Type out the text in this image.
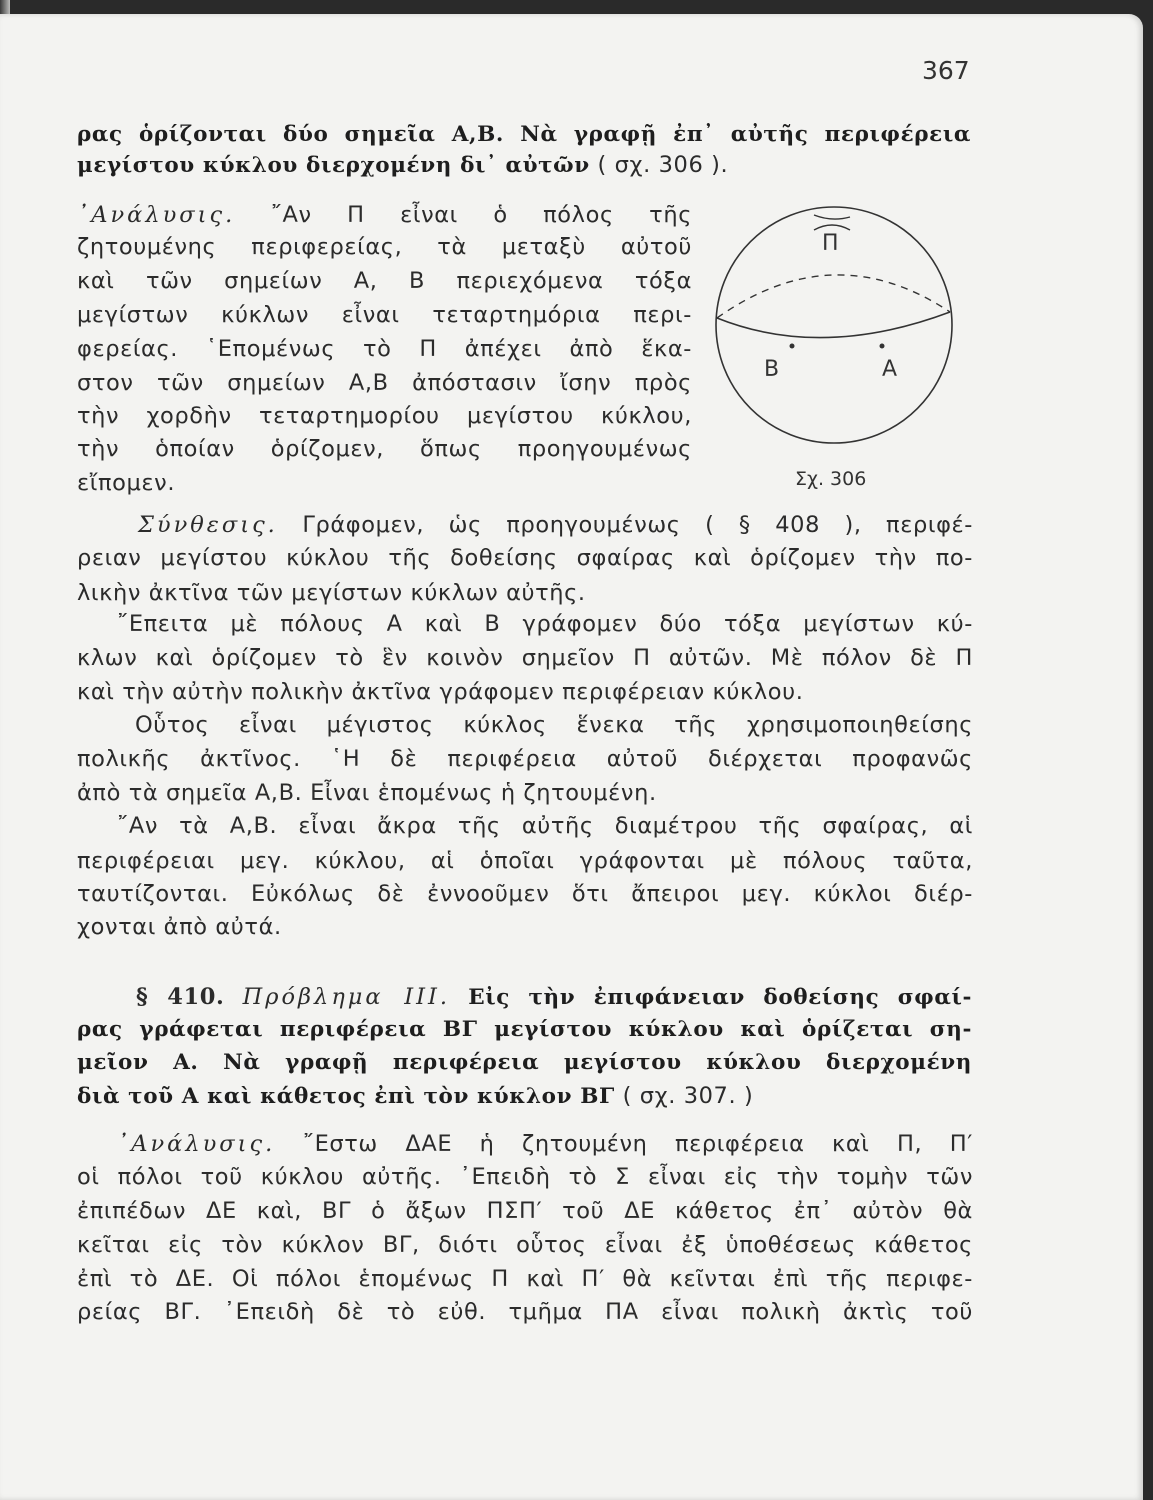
367
ρας ὁρίζονται δύο σημεῖα Α,Β. Νὰ γραφῇ ἐπ᾽ αὐτῆς περιφέρεια
μεγίστου κύκλου διερχομένη δι᾽ αὐτῶν ( σχ. 306 ).
᾽Ανάλυσις. ῎Αν Π εἶναι ὁ πόλος τῆς
ζητουμένης περιφερείας, τὰ μεταξὺ αὐτοῦ
καὶ τῶν σημείων Α, Β περιεχόμενα τόξα
μεγίστων κύκλων εἶναι τεταρτημόρια περι-
φερείας. ῾Επομένως τὸ Π ἀπέχει ἀπὸ ἕκα-
στον τῶν σημείων Α,Β ἀπόστασιν ἴσην πρὸς
τὴν χορδὴν τεταρτημορίου μεγίστου κύκλου,
τὴν ὁποίαν ὁρίζομεν, ὅπως προηγουμένως
εἴπομεν.
Π
Β	Α
Σχ. 306
Σύνθεσις. Γράφομεν, ὡς προηγουμένως ( § 408 ), περιφέ-
ρειαν μεγίστου κύκλου τῆς δοθείσης σφαίρας καὶ ὁρίζομεν τὴν πο-
λικὴν ἀκτῖνα τῶν μεγίστων κύκλων αὐτῆς.
῎Επειτα μὲ πόλους Α καὶ Β γράφομεν δύο τόξα μεγίστων κύ-
κλων καὶ ὁρίζομεν τὸ ἓν κοινὸν σημεῖον Π αὐτῶν. Μὲ πόλον δὲ Π
καὶ τὴν αὐτὴν πολικὴν ἀκτῖνα γράφομεν περιφέρειαν κύκλου.
Οὗτος εἶναι μέγιστος κύκλος ἕνεκα τῆς χρησιμοποιηθείσης
πολικῆς ἀκτῖνος. ῾Η δὲ περιφέρεια αὐτοῦ διέρχεται προφανῶς
ἀπὸ τὰ σημεῖα Α,Β. Εἶναι ἑπομένως ἡ ζητουμένη.
῎Αν τὰ Α,Β. εἶναι ἄκρα τῆς αὐτῆς διαμέτρου τῆς σφαίρας, αἱ
περιφέρειαι μεγ. κύκλου, αἱ ὁποῖαι γράφονται μὲ πόλους ταῦτα,
ταυτίζονται. Εὐκόλως δὲ ἐννοοῦμεν ὅτι ἄπειροι μεγ. κύκλοι διέρ-
χονται ἀπὸ αὐτά.
§ 410. Πρόβλημα ΙΙΙ. Εἰς τὴν ἐπιφάνειαν δοθείσης σφαί-
ρας γράφεται περιφέρεια ΒΓ μεγίστου κύκλου καὶ ὁρίζεται ση-
μεῖον Α. Νὰ γραφῇ περιφέρεια μεγίστου κύκλου διερχομένη
διὰ τοῦ Α καὶ κάθετος ἐπὶ τὸν κύκλον ΒΓ ( σχ. 307. )
᾽Ανάλυσις. ῎Εστω ΔΑΕ ἡ ζητουμένη περιφέρεια καὶ Π, Π′
οἱ πόλοι τοῦ κύκλου αὐτῆς. ᾽Επειδὴ τὸ Σ εἶναι εἰς τὴν τομὴν τῶν
ἐπιπέδων ΔΕ καὶ, ΒΓ ὁ ἄξων ΠΣΠ′ τοῦ ΔΕ κάθετος ἐπ᾽ αὐτὸν θὰ
κεῖται εἰς τὸν κύκλον ΒΓ, διότι οὗτος εἶναι ἐξ ὑποθέσεως κάθετος
ἐπὶ τὸ ΔΕ. Οἱ πόλοι ἑπομένως Π καὶ Π′ θὰ κεῖνται ἐπὶ τῆς περιφε-
ρείας ΒΓ. ᾽Επειδὴ δὲ τὸ εὐθ. τμῆμα ΠΑ εἶναι πολικὴ ἀκτὶς τοῦ
